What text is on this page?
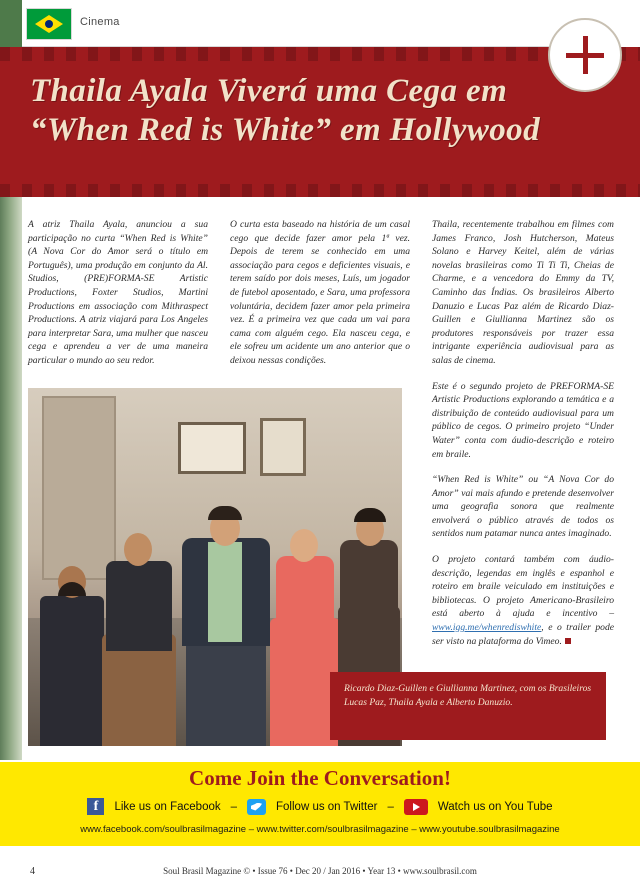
Cinema
Thaila Ayala Viverá uma Cega em “When Red is White” em Hollywood

A atriz Thaila Ayala, anunciou a sua participação no curta “When Red is White” (A Nova Cor do Amor será o título em Português), uma produção em conjunto da Al. Studios, (PRE)FORMA-SE Artistic Productions, Foxter Studios, Martini Productions em associação com Mithraspect Productions. A atriz viajará para Los Angeles para interpretar Sara, uma mulher que nasceu cega e aprendeu a ver de uma maneira particular o mundo ao seu redor.

O curta esta baseado na história de um casal cego que decide fazer amor pela 1ª vez. Depois de terem se conhecido em uma associação para cegos e deficientes visuais, e terem saído por dois meses, Luís, um jogador de futebol aposentado, e Sara, uma professora voluntária, decidem fazer amor pela primeira vez. É a primeira vez que cada um vai para cama com alguém cego. Ela nasceu cega, e ele sofreu um acidente um ano anterior que o deixou nessas condições.

Thaila, recentemente trabalhou em filmes com James Franco, Josh Hutcherson, Mateus Solano e Harvey Keitel, além de várias novelas brasileiras como Ti Ti Ti, Cheias de Charme, e a vencedora do Emmy da TV, Caminho das Índias. Os brasileiros Alberto Danuzio e Lucas Paz além de Ricardo Diaz-Guillen e Giullianna Martinez são os produtores responsáveis por trazer essa intrigante experiência audiovisual para as salas de cinema.

Este é o segundo projeto de PREFORMA-SE Artistic Productions explorando a temática e a distribuição de conteúdo audiovisual para um público de cegos. O primeiro projeto “Under Water” conta com áudio-descrição e roteiro em braile.

“When Red is White” ou “A Nova Cor do Amor” vai mais afundo e pretende desenvolver uma geografia sonora que realmente envolverá o público através de todos os sentidos num patamar nunca antes imaginado.

O projeto contará também com áudio-descrição, legendas em inglês e espanhol e roteiro em braile veiculado em instituições e bibliotecas. O projeto Americano-Brasileiro está aberto à ajuda e incentivo – www.igg.me/whenrediswhite, e o trailer pode ser visto na plataforma do Vimeo.

Ricardo Diaz-Guillen e Giullianna Martinez, com os Brasileiros Lucas Paz, Thaila Ayala e Alberto Danuzio.
Come Join the Conversation!
f	Like us on Facebook –	Follow us on Twitter –	Watch us on You Tube
www.facebook.com/soulbrasilmagazine – www.twitter.com/soulbrasilmagazine – www.youtube.soulbrasilmagazine
4	Soul Brasil Magazine © • Issue 76 • Dec 20 / Jan 2016 • Year 13 • www.soulbrasil.com
